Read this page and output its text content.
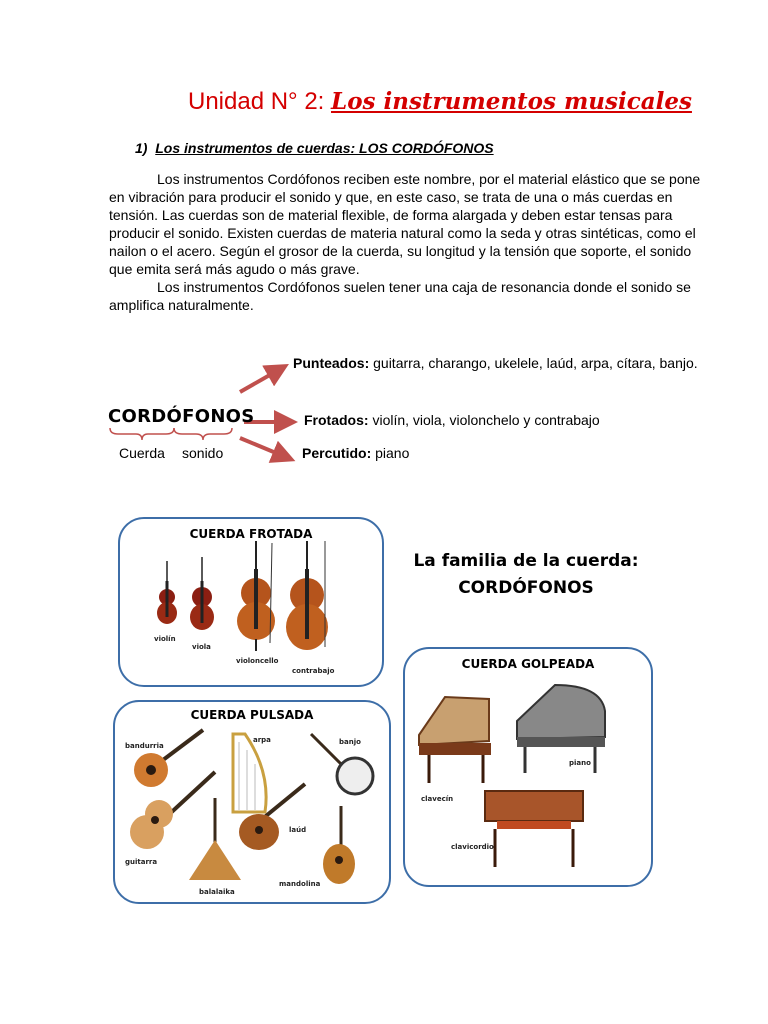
Unidad N° 2: Los instrumentos musicales
1) Los instrumentos de cuerdas: LOS CORDÓFONOS

Los instrumentos Cordófonos reciben este nombre, por el material elástico que se pone en vibración para producir el sonido y que, en este caso, se trata de una o más cuerdas en tensión. Las cuerdas son de material flexible, de forma alargada y deben estar tensas para producir el sonido. Existen cuerdas de materia natural como la seda y otras sintéticas, como el nailon o el acero. Según el grosor de la cuerda, su longitud y la tensión que soporte, el sonido que emita será más agudo o más grave.

Los instrumentos Cordófonos suelen tener una caja de resonancia donde el sonido se amplifica naturalmente.

CORDÓFONOS
Cuerda sonido
Punteados: guitarra, charango, ukelele, laúd, arpa, cítara, banjo.
Frotados: violín, viola, violonchelo y contrabajo
Percutido: piano
CUERDA FROTADA
violín
viola
violoncello
contrabajo
La familia de la cuerda:
CORDÓFONOS
CUERDA PULSADA
bandurria
arpa	banjo
guitarra
laúd
balalaika
mandolina
CUERDA GOLPEADA
piano
clavecín
clavicordio
